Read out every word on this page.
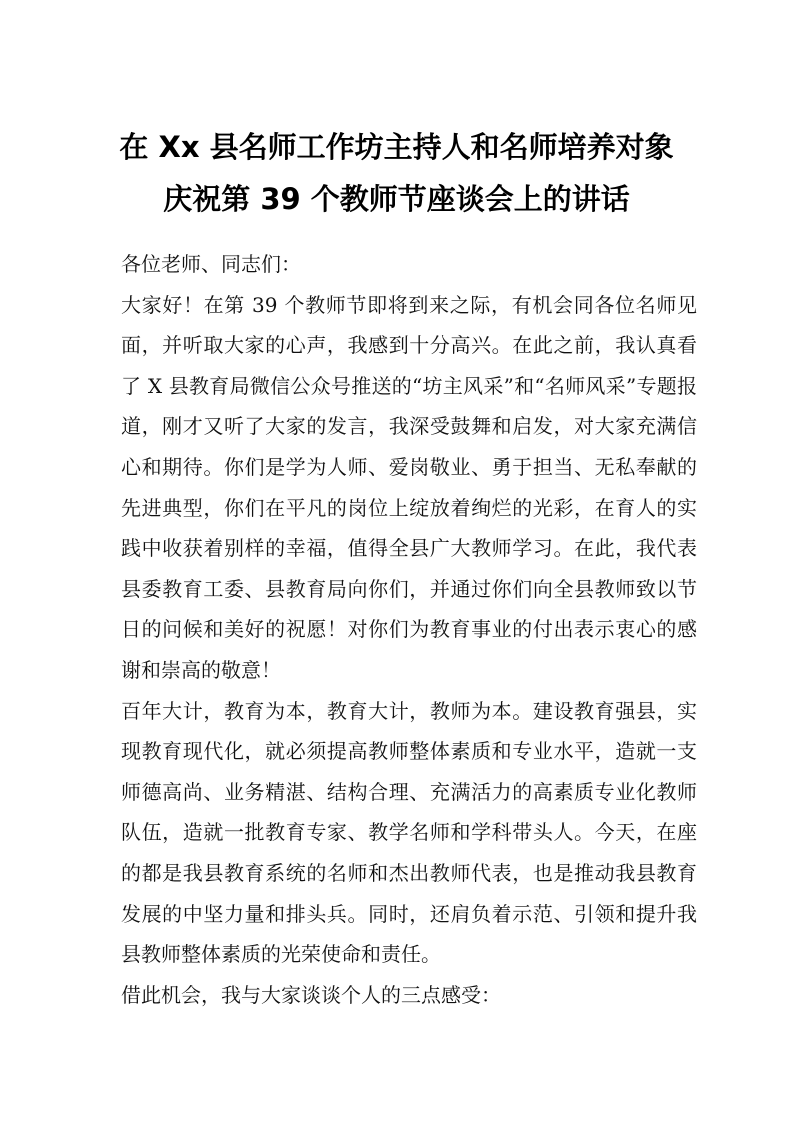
在 Xx 县名师工作坊主持人和名师培养对象
庆祝第 39 个教师节座谈会上的讲话

各位老师、同志们：

大家好！在第 39 个教师节即将到来之际，有机会同各位名师见面，并听取大家的心声，我感到十分高兴。在此之前，我认真看了 X 县教育局微信公众号推送的“坊主风采”和“名师风采”专题报道，刚才又听了大家的发言，我深受鼓舞和启发，对大家充满信心和期待。你们是学为人师、爱岗敬业、勇于担当、无私奉献的先进典型，你们在平凡的岗位上绽放着绚烂的光彩，在育人的实践中收获着别样的幸福，值得全县广大教师学习。在此，我代表县委教育工委、县教育局向你们，并通过你们向全县教师致以节日的问候和美好的祝愿！对你们为教育事业的付出表示衷心的感谢和崇高的敬意！

百年大计，教育为本，教育大计，教师为本。建设教育强县，实现教育现代化，就必须提高教师整体素质和专业水平，造就一支师德高尚、业务精湛、结构合理、充满活力的高素质专业化教师队伍，造就一批教育专家、教学名师和学科带头人。今天，在座的都是我县教育系统的名师和杰出教师代表，也是推动我县教育发展的中坚力量和排头兵。同时，还肩负着示范、引领和提升我县教师整体素质的光荣使命和责任。

借此机会，我与大家谈谈个人的三点感受：
